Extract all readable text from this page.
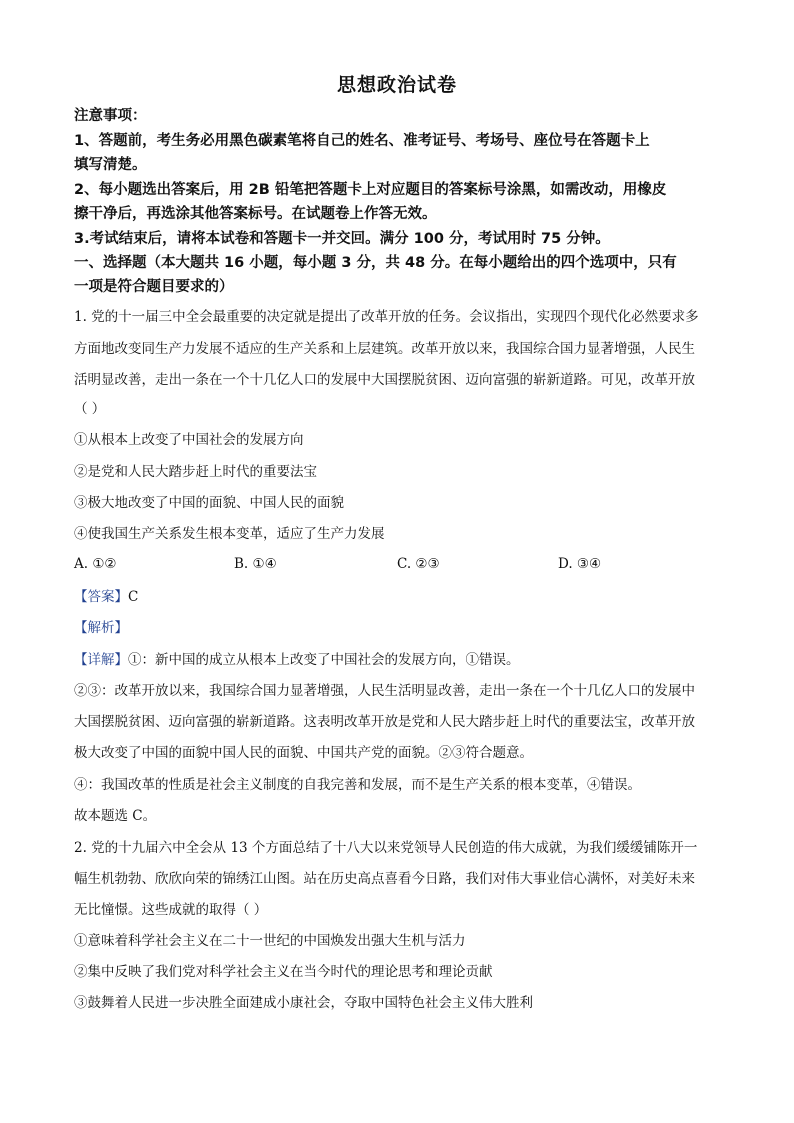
思想政治试卷
注意事项：
1、答题前，考生务必用黑色碳素笔将自己的姓名、准考证号、考场号、座位号在答题卡上
填写清楚。
2、每小题选出答案后，用 2B 铅笔把答题卡上对应题目的答案标号涂黑，如需改动，用橡皮
擦干净后，再选涂其他答案标号。在试题卷上作答无效。
3.考试结束后，请将本试卷和答题卡一并交回。满分 100 分，考试用时 75 分钟。
一、选择题（本大题共 16 小题，每小题 3 分，共 48 分。在每小题给出的四个选项中，只有
一项是符合题目要求的）
1. 党的十一届三中全会最重要的决定就是提出了改革开放的任务。会议指出，实现四个现代化必然要求多
方面地改变同生产力发展不适应的生产关系和上层建筑。改革开放以来，我国综合国力显著增强，人民生
活明显改善，走出一条在一个十几亿人口的发展中大国摆脱贫困、迈向富强的崭新道路。可见，改革开放
（ ）
①从根本上改变了中国社会的发展方向
②是党和人民大踏步赶上时代的重要法宝
③极大地改变了中国的面貌、中国人民的面貌
④使我国生产关系发生根本变革，适应了生产力发展
A. ①②	B. ①④	C. ②③	D. ③④
【答案】C
【解析】
【详解】①：新中国的成立从根本上改变了中国社会的发展方向，①错误。
②③：改革开放以来，我国综合国力显著增强，人民生活明显改善，走出一条在一个十几亿人口的发展中
大国摆脱贫困、迈向富强的崭新道路。这表明改革开放是党和人民大踏步赶上时代的重要法宝，改革开放
极大改变了中国的面貌中国人民的面貌、中国共产党的面貌。②③符合题意。
④：我国改革的性质是社会主义制度的自我完善和发展，而不是生产关系的根本变革，④错误。
故本题选 C。
2. 党的十九届六中全会从 13 个方面总结了十八大以来党领导人民创造的伟大成就，为我们缓缓铺陈开一
幅生机勃勃、欣欣向荣的锦绣江山图。站在历史高点喜看今日路，我们对伟大事业信心满怀，对美好未来
无比憧憬。这些成就的取得（ ）
①意味着科学社会主义在二十一世纪的中国焕发出强大生机与活力
②集中反映了我们党对科学社会主义在当今时代的理论思考和理论贡献
③鼓舞着人民进一步决胜全面建成小康社会，夺取中国特色社会主义伟大胜利
